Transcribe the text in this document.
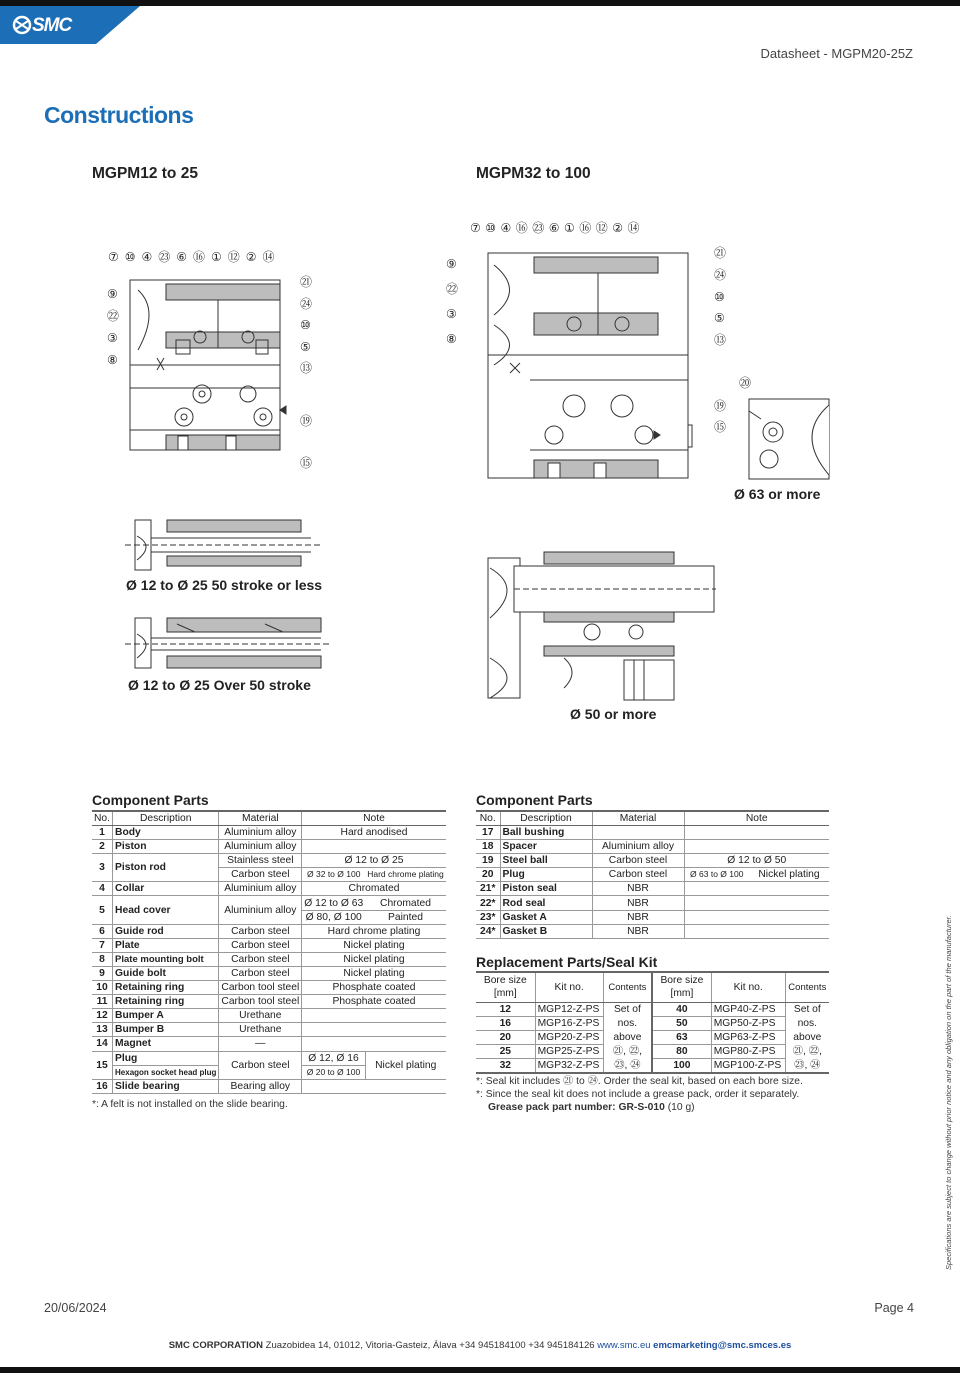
SMC
Datasheet - MGPM20-25Z
Constructions
MGPM12 to 25	MGPM32 to 100
⑦⑩④㉓⑥⑯①⑫②⑭
⑨
㉒
③
⑧
㉑
㉔
⑩
⑤
⑬
⑲
⑮
⑦⑩④⑯㉓⑥①⑯⑫②⑭
⑨
㉒
③
⑧
㉑
㉔
⑩
⑤
⑬
⑲
⑮
⑳
Ø 63 or more
Ø 12 to Ø 25 50 stroke or less
Ø 12 to Ø 25 Over 50 stroke
Ø 50 or more
Component Parts
No.	Description	Material	Note	
1	Body	Aluminium alloy	Hard anodised	
2	Piston	Aluminium alloy		
3	Piston rod	Stainless steel	Ø 12 to Ø 25	
		Carbon steel	Ø 32 to Ø 100	Hard chrome plating
4	Collar	Aluminium alloy	Chromated	
5	Head cover	Aluminium alloy	Ø 12 to Ø 63	Chromated
			Ø 80, Ø 100	Painted
6	Guide rod	Carbon steel	Hard chrome plating	
7	Plate	Carbon steel	Nickel plating	
8	Plate mounting bolt	Carbon steel	Nickel plating	
9	Guide bolt	Carbon steel	Nickel plating	
10	Retaining ring	Carbon tool steel	Phosphate coated	
11	Retaining ring	Carbon tool steel	Phosphate coated	
12	Bumper A	Urethane		
13	Bumper B	Urethane		
14	Magnet	—		
15	Plug	Carbon steel	Ø 12, Ø 16	Nickel plating
	Hexagon socket head plug		Ø 20 to Ø 100	
16	Slide bearing	Bearing alloy		
*: A felt is not installed on the slide bearing.
Component Parts
No.	Description	Material	Note	
17	Ball bushing			
18	Spacer	Aluminium alloy		
19	Steel ball	Carbon steel	Ø 12 to Ø 50	
20	Plug	Carbon steel	Ø 63 to Ø 100	Nickel plating
21*	Piston seal	NBR		
22*	Rod seal	NBR		
23*	Gasket A	NBR		
24*	Gasket B	NBR		
Replacement Parts/Seal Kit
Bore size [mm]	Kit no.	Contents	Bore size [mm]	Kit no.	Contents
12	MGP12-Z-PS	Set of	40	MGP40-Z-PS	Set of
16	MGP16-Z-PS	nos.	50	MGP50-Z-PS	nos.
20	MGP20-Z-PS	above	63	MGP63-Z-PS	above
25	MGP25-Z-PS	㉑, ㉒,	80	MGP80-Z-PS	㉑, ㉒,
32	MGP32-Z-PS	㉓, ㉔	100	MGP100-Z-PS	㉓, ㉔
*: Seal kit includes ㉑ to ㉔. Order the seal kit, based on each bore size.
*: Since the seal kit does not include a grease pack, order it separately.
Grease pack part number: GR-S-010 (10 g)	Specifications are subject to change without prior notice and any obligation on the part of the manufacturer.
20/06/2024	Page 4
SMC CORPORATION Zuazobidea 14, 01012, Vitoria-Gasteiz, Álava +34 945184100 +34 945184126 www.smc.eu emcmarketing@smc.smces.es
